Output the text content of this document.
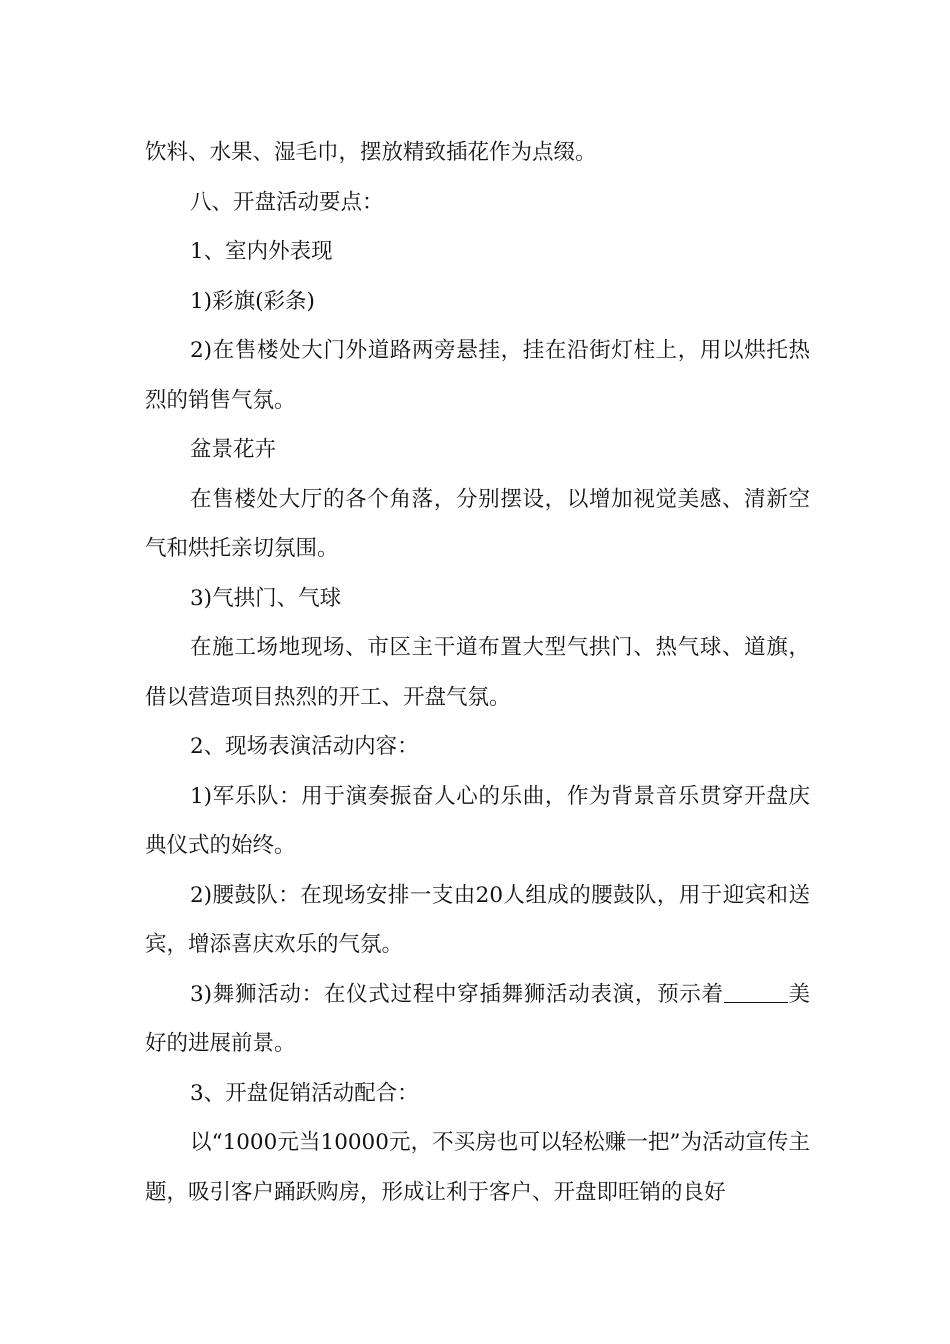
饮料、水果、湿毛巾，摆放精致插花作为点缀。

八、开盘活动要点：

1、室内外表现

1)彩旗(彩条)

2)在售楼处大门外道路两旁悬挂，挂在沿街灯柱上，用以烘托热烈的销售气氛。

盆景花卉

在售楼处大厅的各个角落，分别摆设，以增加视觉美感、清新空气和烘托亲切氛围。

3)气拱门、气球

在施工场地现场、市区主干道布置大型气拱门、热气球、道旗，借以营造项目热烈的开工、开盘气氛。

2、现场表演活动内容：

1)军乐队：用于演奏振奋人心的乐曲，作为背景音乐贯穿开盘庆典仪式的始终。

2)腰鼓队：在现场安排一支由20人组成的腰鼓队，用于迎宾和送宾，增添喜庆欢乐的气氛。

3)舞狮活动：在仪式过程中穿插舞狮活动表演，预示着	美好的进展前景。

3、开盘促销活动配合：

以“1000元当10000元，不买房也可以轻松赚一把”为活动宣传主题，吸引客户踊跃购房，形成让利于客户、开盘即旺销的良好
